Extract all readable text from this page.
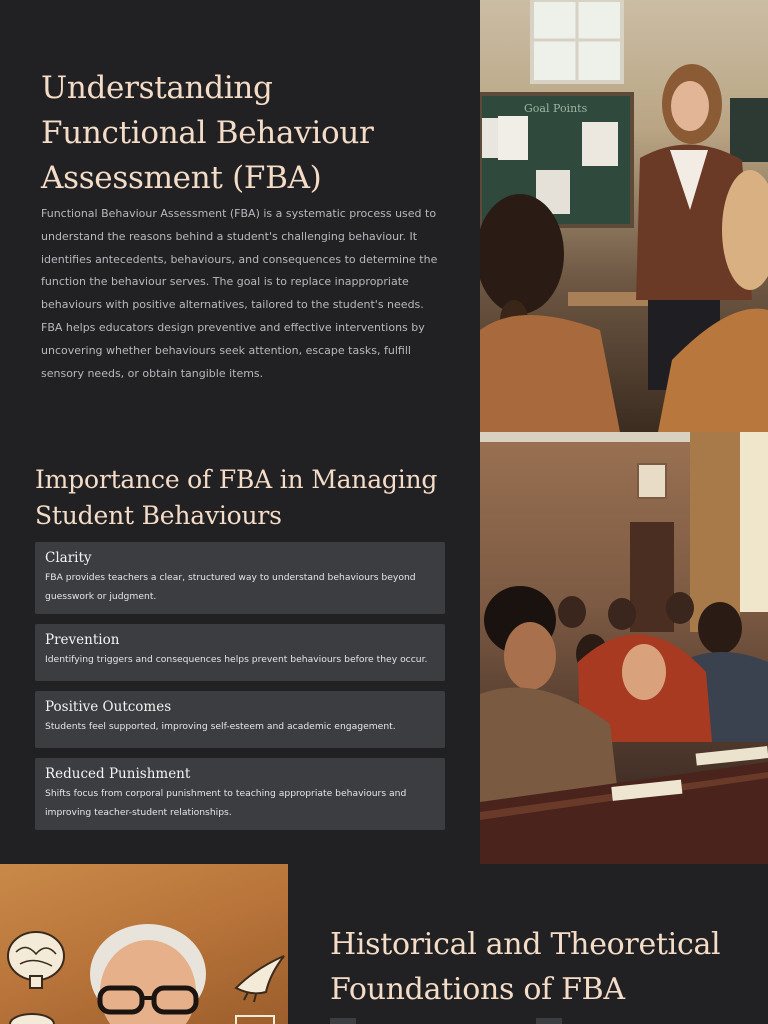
Understanding Functional Behaviour Assessment (FBA)

Functional Behaviour Assessment (FBA) is a systematic process used to understand the reasons behind a student's challenging behaviour. It identifies antecedents, behaviours, and consequences to determine the function the behaviour serves. The goal is to replace inappropriate behaviours with positive alternatives, tailored to the student's needs. FBA helps educators design preventive and effective interventions by uncovering whether behaviours seek attention, escape tasks, fulfill sensory needs, or obtain tangible items.

Goal Points
Importance of FBA in Managing Student Behaviours
Clarity
FBA provides teachers a clear, structured way to understand behaviours beyond guesswork or judgment.
Prevention
Identifying triggers and consequences helps prevent behaviours before they occur.
Positive Outcomes
Students feel supported, improving self-esteem and academic engagement.
Reduced Punishment
Shifts focus from corporal punishment to teaching appropriate behaviours and improving teacher-student relationships.
Historical and Theoretical Foundations of FBA
